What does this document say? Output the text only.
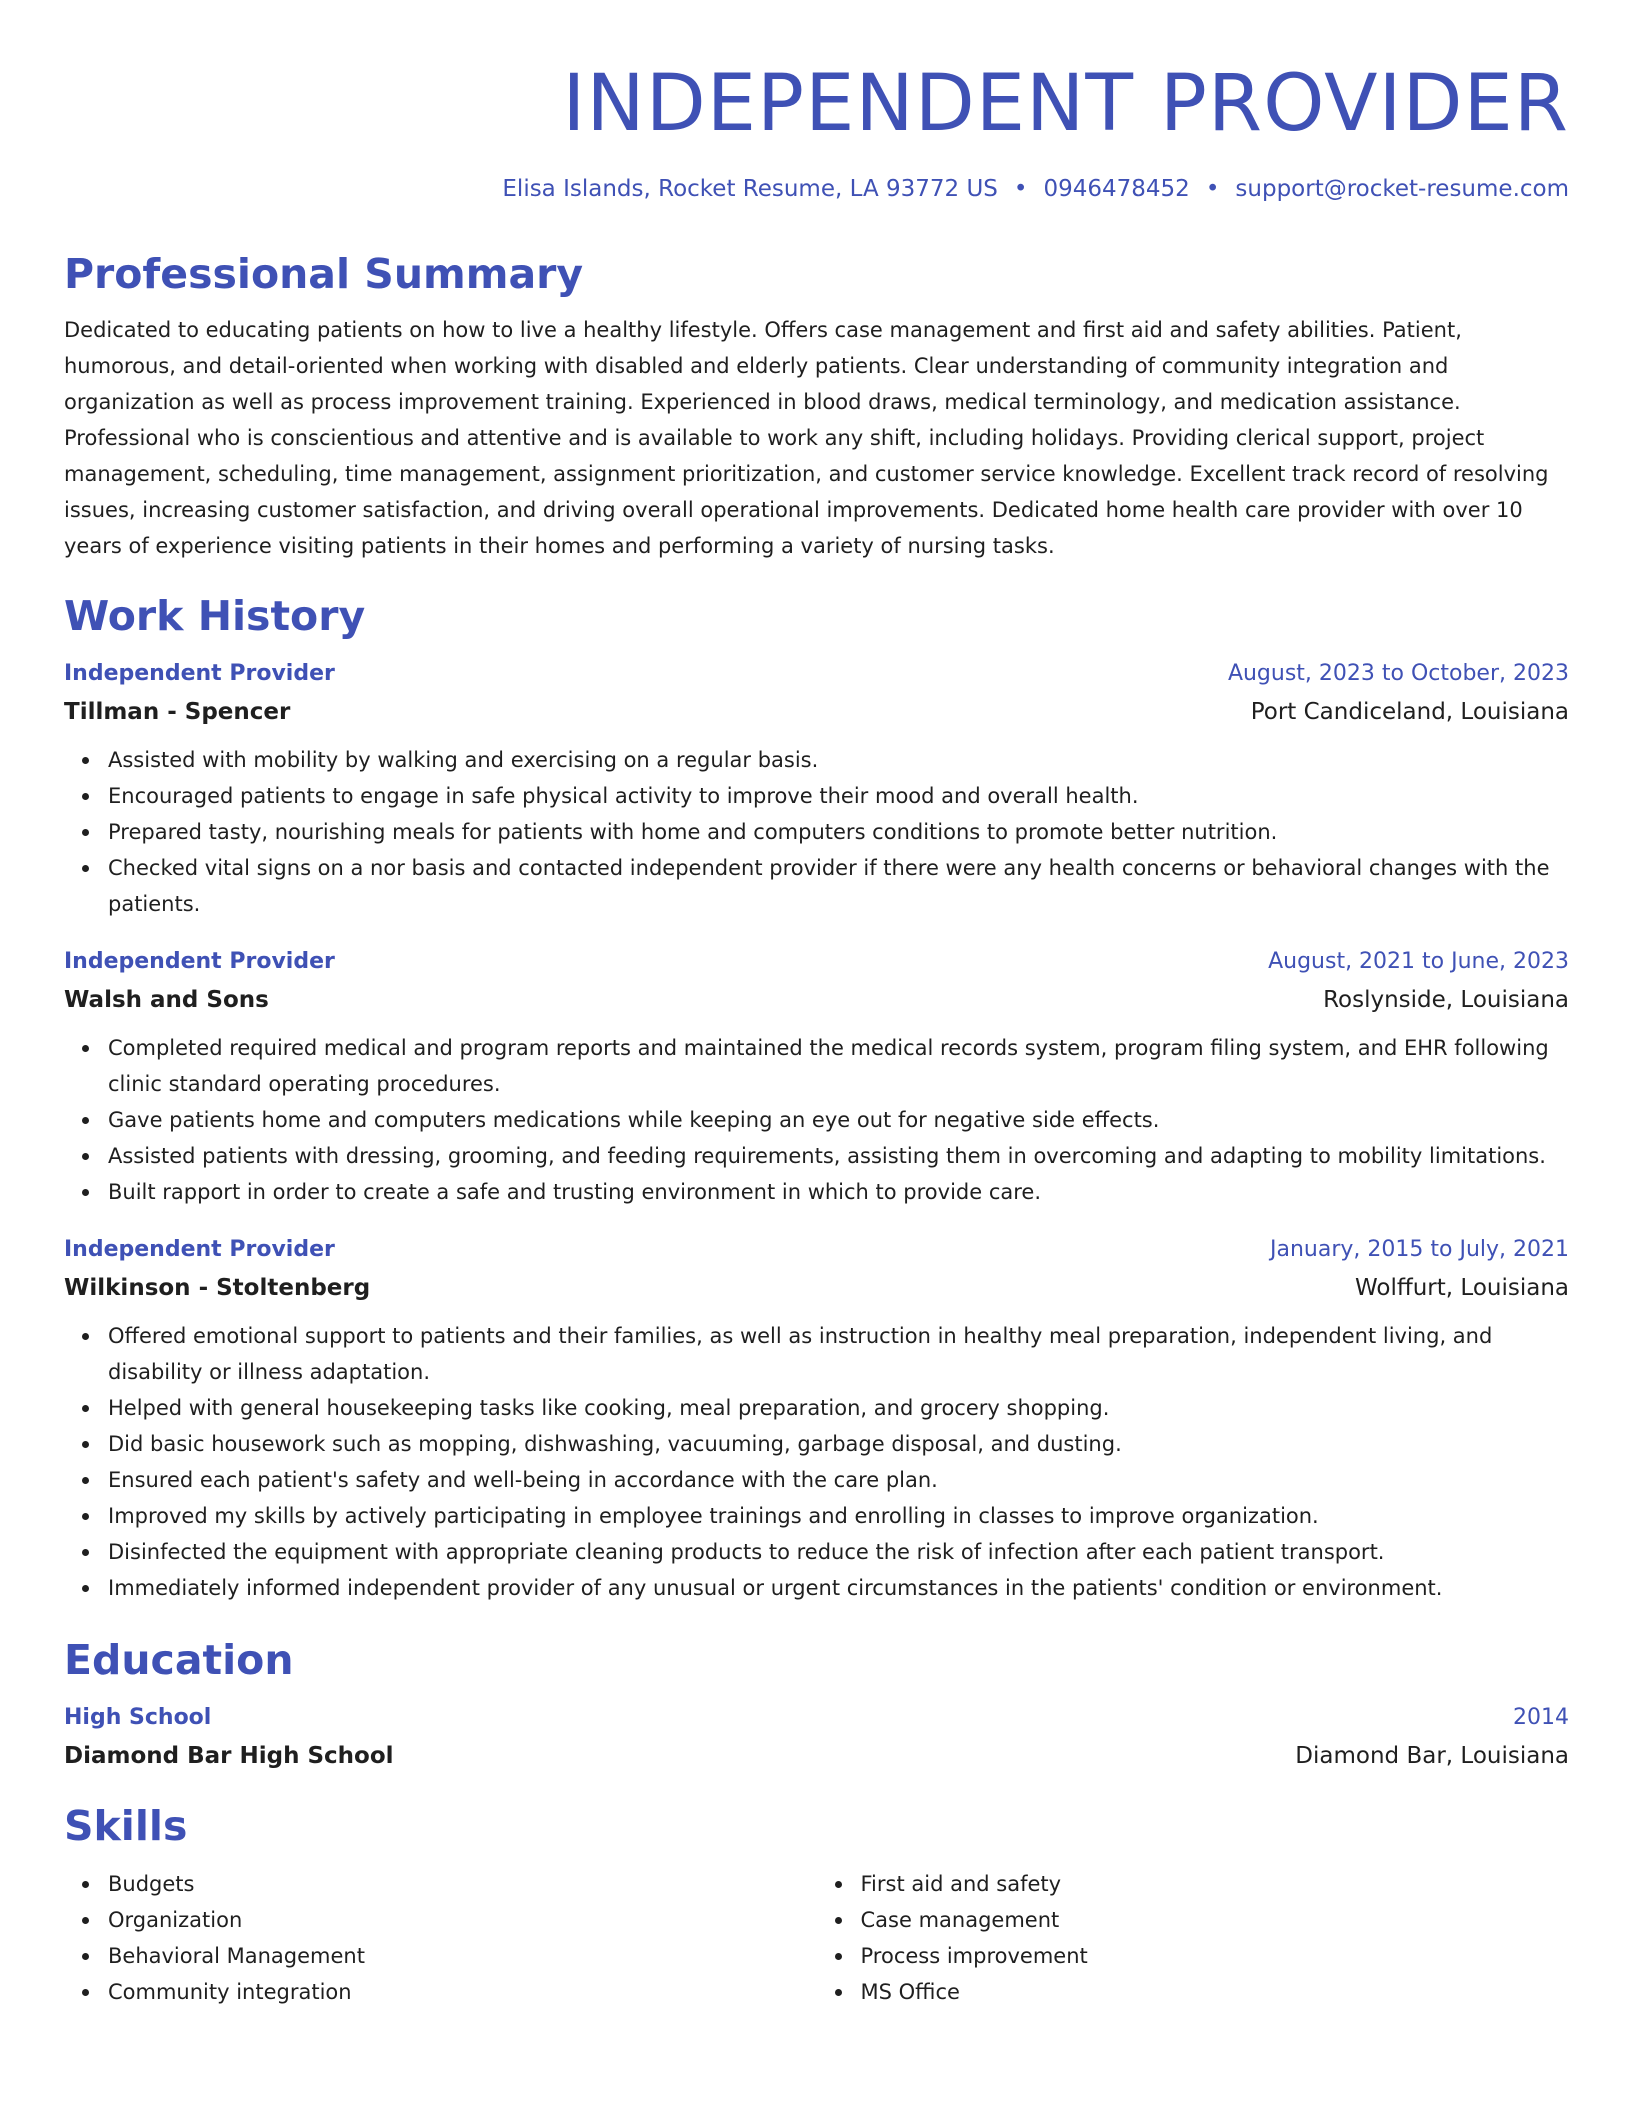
INDEPENDENT PROVIDER
Elisa Islands, Rocket Resume, LA 93772 US • 0946478452 • support@rocket-resume.com
Professional Summary

Dedicated to educating patients on how to live a healthy lifestyle. Offers case management and first aid and safety abilities. Patient, humorous, and detail-oriented when working with disabled and elderly patients. Clear understanding of community integration and organization as well as process improvement training. Experienced in blood draws, medical terminology, and medication assistance. Professional who is conscientious and attentive and is available to work any shift, including holidays. Providing clerical support, project management, scheduling, time management, assignment prioritization, and customer service knowledge. Excellent track record of resolving issues, increasing customer satisfaction, and driving overall operational improvements. Dedicated home health care provider with over 10 years of experience visiting patients in their homes and performing a variety of nursing tasks.

Work History
Independent Provider	August, 2023 to October, 2023
Tillman - Spencer	Port Candiceland, Louisiana
Assisted with mobility by walking and exercising on a regular basis.
Encouraged patients to engage in safe physical activity to improve their mood and overall health.
Prepared tasty, nourishing meals for patients with home and computers conditions to promote better nutrition.
Checked vital signs on a nor basis and contacted independent provider if there were any health concerns or behavioral changes with the patients.
Independent Provider	August, 2021 to June, 2023
Walsh and Sons	Roslynside, Louisiana
Completed required medical and program reports and maintained the medical records system, program filing system, and EHR following clinic standard operating procedures.
Gave patients home and computers medications while keeping an eye out for negative side effects.
Assisted patients with dressing, grooming, and feeding requirements, assisting them in overcoming and adapting to mobility limitations.
Built rapport in order to create a safe and trusting environment in which to provide care.
Independent Provider	January, 2015 to July, 2021
Wilkinson - Stoltenberg	Wolffurt, Louisiana
Offered emotional support to patients and their families, as well as instruction in healthy meal preparation, independent living, and disability or illness adaptation.
Helped with general housekeeping tasks like cooking, meal preparation, and grocery shopping.
Did basic housework such as mopping, dishwashing, vacuuming, garbage disposal, and dusting.
Ensured each patient's safety and well-being in accordance with the care plan.
Improved my skills by actively participating in employee trainings and enrolling in classes to improve organization.
Disinfected the equipment with appropriate cleaning products to reduce the risk of infection after each patient transport.
Immediately informed independent provider of any unusual or urgent circumstances in the patients' condition or environment.
Education
High School	2014
Diamond Bar High School	Diamond Bar, Louisiana
Skills
Budgets
Organization
Behavioral Management
Community integration
First aid and safety
Case management
Process improvement
MS Office
